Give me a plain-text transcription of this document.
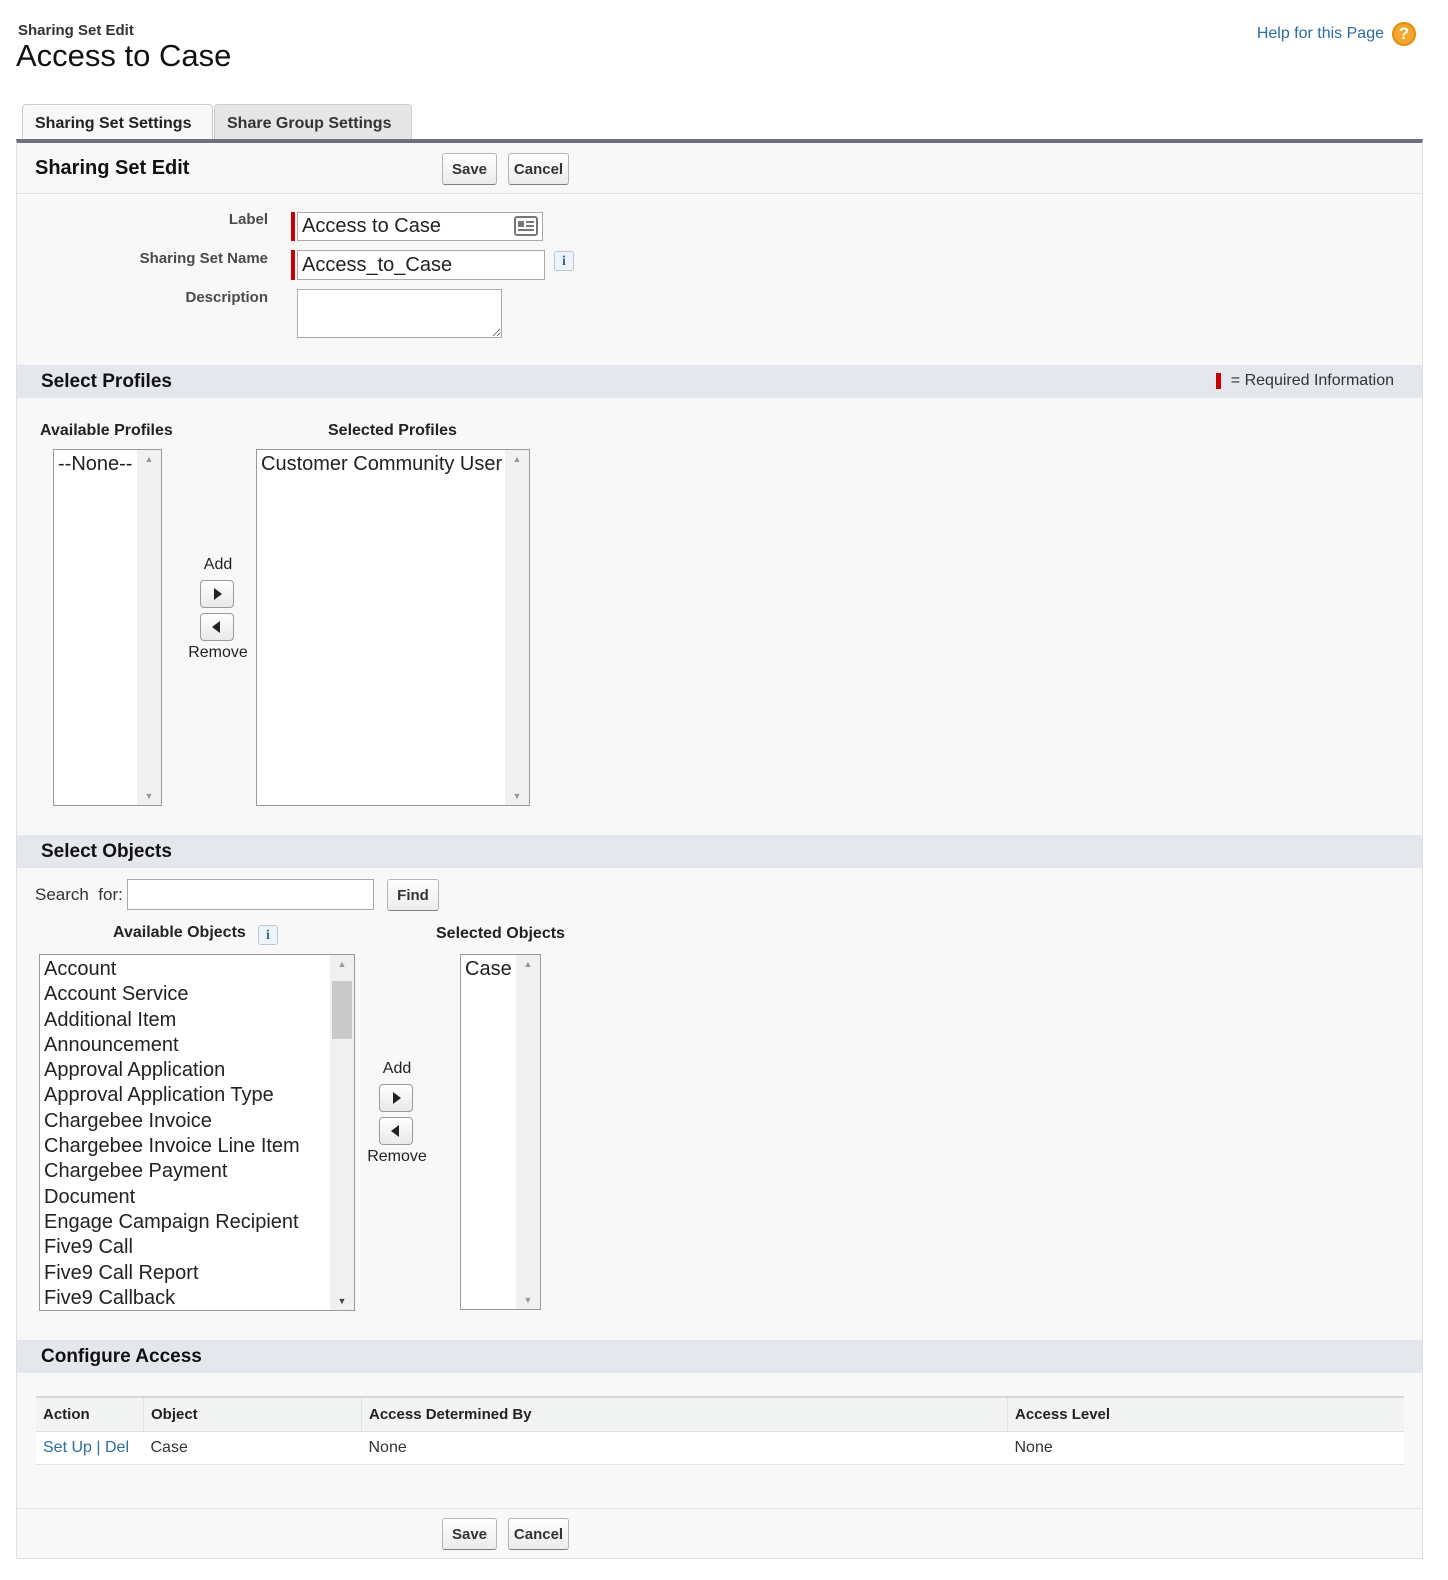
Sharing Set Edit
Access to Case
Help for this Page ?
Sharing Set Settings	Share Group Settings
Sharing Set Edit	Save	Cancel
Label
Access to Case
Sharing Set Name
Access_to_Case	i
Description
Select Profiles	= Required Information
Available Profiles	Selected Profiles
--None--	▲
▼
Add
Remove
Customer Community User	▲
▼
Select Objects
Search  for:	Find
Available Objects	i	Selected Objects
Account
Account Service
Additional Item
Announcement
Approval Application
Approval Application Type
Chargebee Invoice
Chargebee Invoice Line Item
Chargebee Payment
Document
Engage Campaign Recipient
Five9 Call
Five9 Call Report
Five9 Callback
▲
▼
Add
Remove
Case	▲
▼
Configure Access
Action	Object	Access Determined By	Access Level
Set Up | Del	Case	None	None
Save	Cancel
